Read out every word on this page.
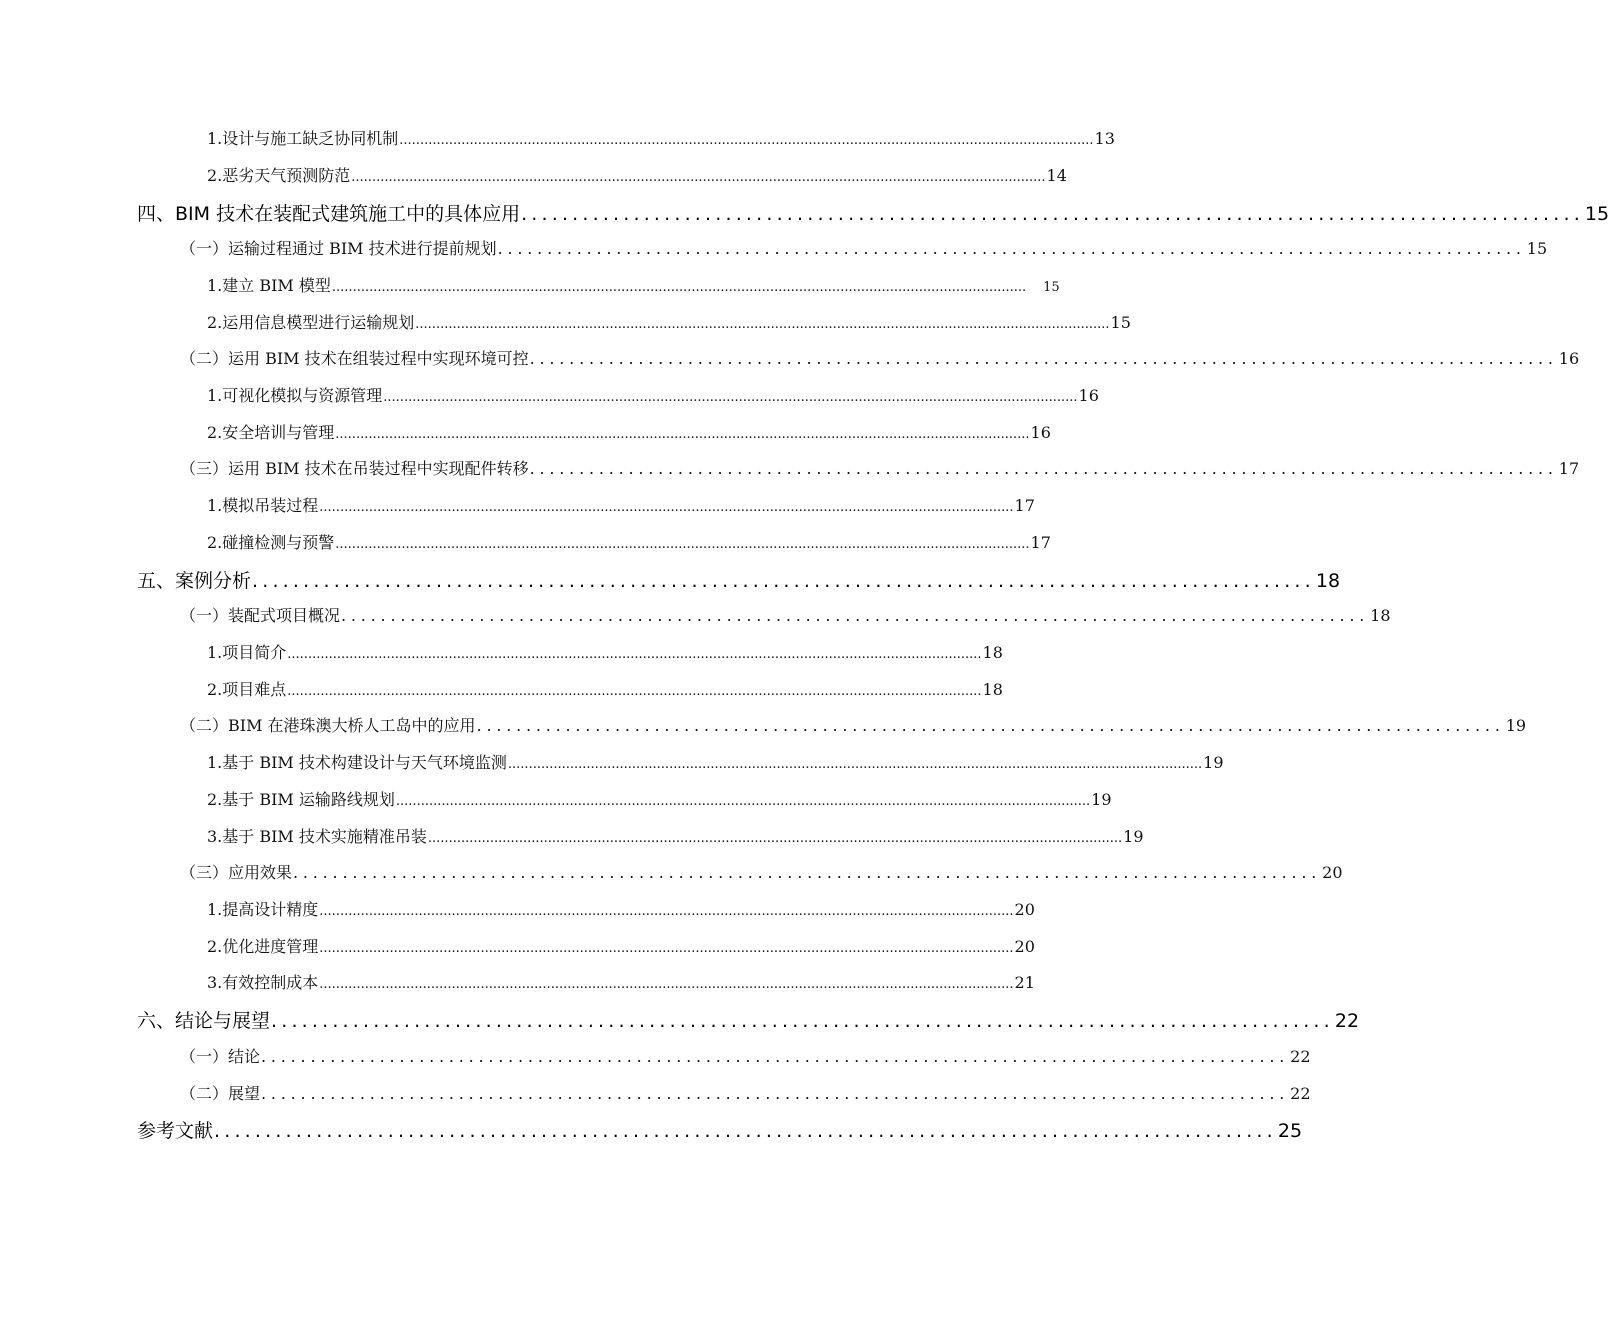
1.设计与施工缺乏协同机制 ........................................................................................................................................................................ 13
2.恶劣天气预测防范 ........................................................................................................................................................................ 14
四、BIM 技术在装配式建筑施工中的具体应用 ........................................................................................................ 15
（一）运输过程通过 BIM 技术进行提前规划 ........................................................................................................ 15
1.建立 BIM 模型 ........................................................................................................................................................................ 15
2.运用信息模型进行运输规划 ........................................................................................................................................................................ 15
（二）运用 BIM 技术在组装过程中实现环境可控 ........................................................................................................ 16
1.可视化模拟与资源管理 ........................................................................................................................................................................ 16
2.安全培训与管理 ........................................................................................................................................................................ 16
（三）运用 BIM 技术在吊装过程中实现配件转移 ........................................................................................................ 17
1.模拟吊装过程 ........................................................................................................................................................................ 17
2.碰撞检测与预警 ........................................................................................................................................................................ 17
五、案例分析 ........................................................................................................ 18
（一）装配式项目概况 ........................................................................................................ 18
1.项目简介 ........................................................................................................................................................................ 18
2.项目难点 ........................................................................................................................................................................ 18
（二）BIM 在港珠澳大桥人工岛中的应用 ........................................................................................................ 19
1.基于 BIM 技术构建设计与天气环境监测 ........................................................................................................................................................................ 19
2.基于 BIM 运输路线规划 ........................................................................................................................................................................ 19
3.基于 BIM 技术实施精准吊装 ........................................................................................................................................................................ 19
（三）应用效果 ........................................................................................................ 20
1.提高设计精度 ........................................................................................................................................................................ 20
2.优化进度管理 ........................................................................................................................................................................ 20
3.有效控制成本 ........................................................................................................................................................................ 21
六、结论与展望 ........................................................................................................ 22
（一）结论 ........................................................................................................ 22
（二）展望 ........................................................................................................ 22
参考文献 ........................................................................................................ 25
